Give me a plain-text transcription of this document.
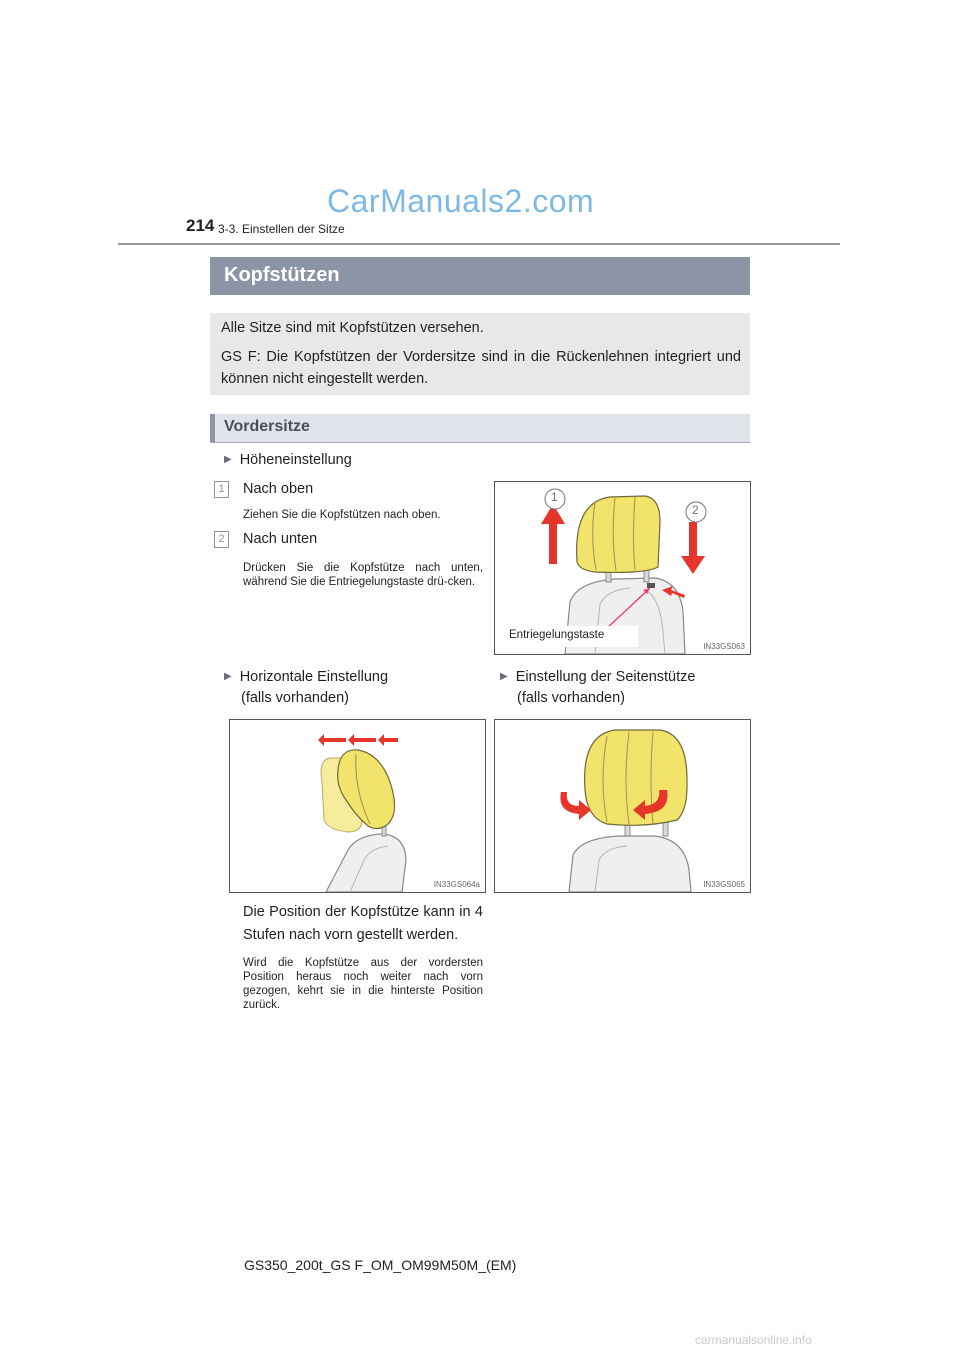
CarManuals2.com
214 3-3. Einstellen der Sitze
Kopfstützen

Alle Sitze sind mit Kopfstützen versehen.

GS F: Die Kopfstützen der Vordersitze sind in die Rückenlehnen integriert und können nicht eingestellt werden.

Vordersitze
▶ Höheneinstellung
1 Nach oben
Ziehen Sie die Kopfstützen nach oben.
2 Nach unten
Drücken Sie die Kopfstütze nach unten, während Sie die Entriegelungstaste drü-cken.
1
2
Entriegelungstaste
IN33GS063
▶ Horizontale Einstellung
(falls vorhanden)
▶ Einstellung der Seitenstütze
(falls vorhanden)
IN33GS064a	IN33GS065
Die Position der Kopfstütze kann in 4 Stufen nach vorn gestellt werden.
Wird die Kopfstütze aus der vordersten Position heraus noch weiter nach vorn gezogen, kehrt sie in die hinterste Position zurück.
GS350_200t_GS F_OM_OM99M50M_(EM)
carmanualsonline.info
